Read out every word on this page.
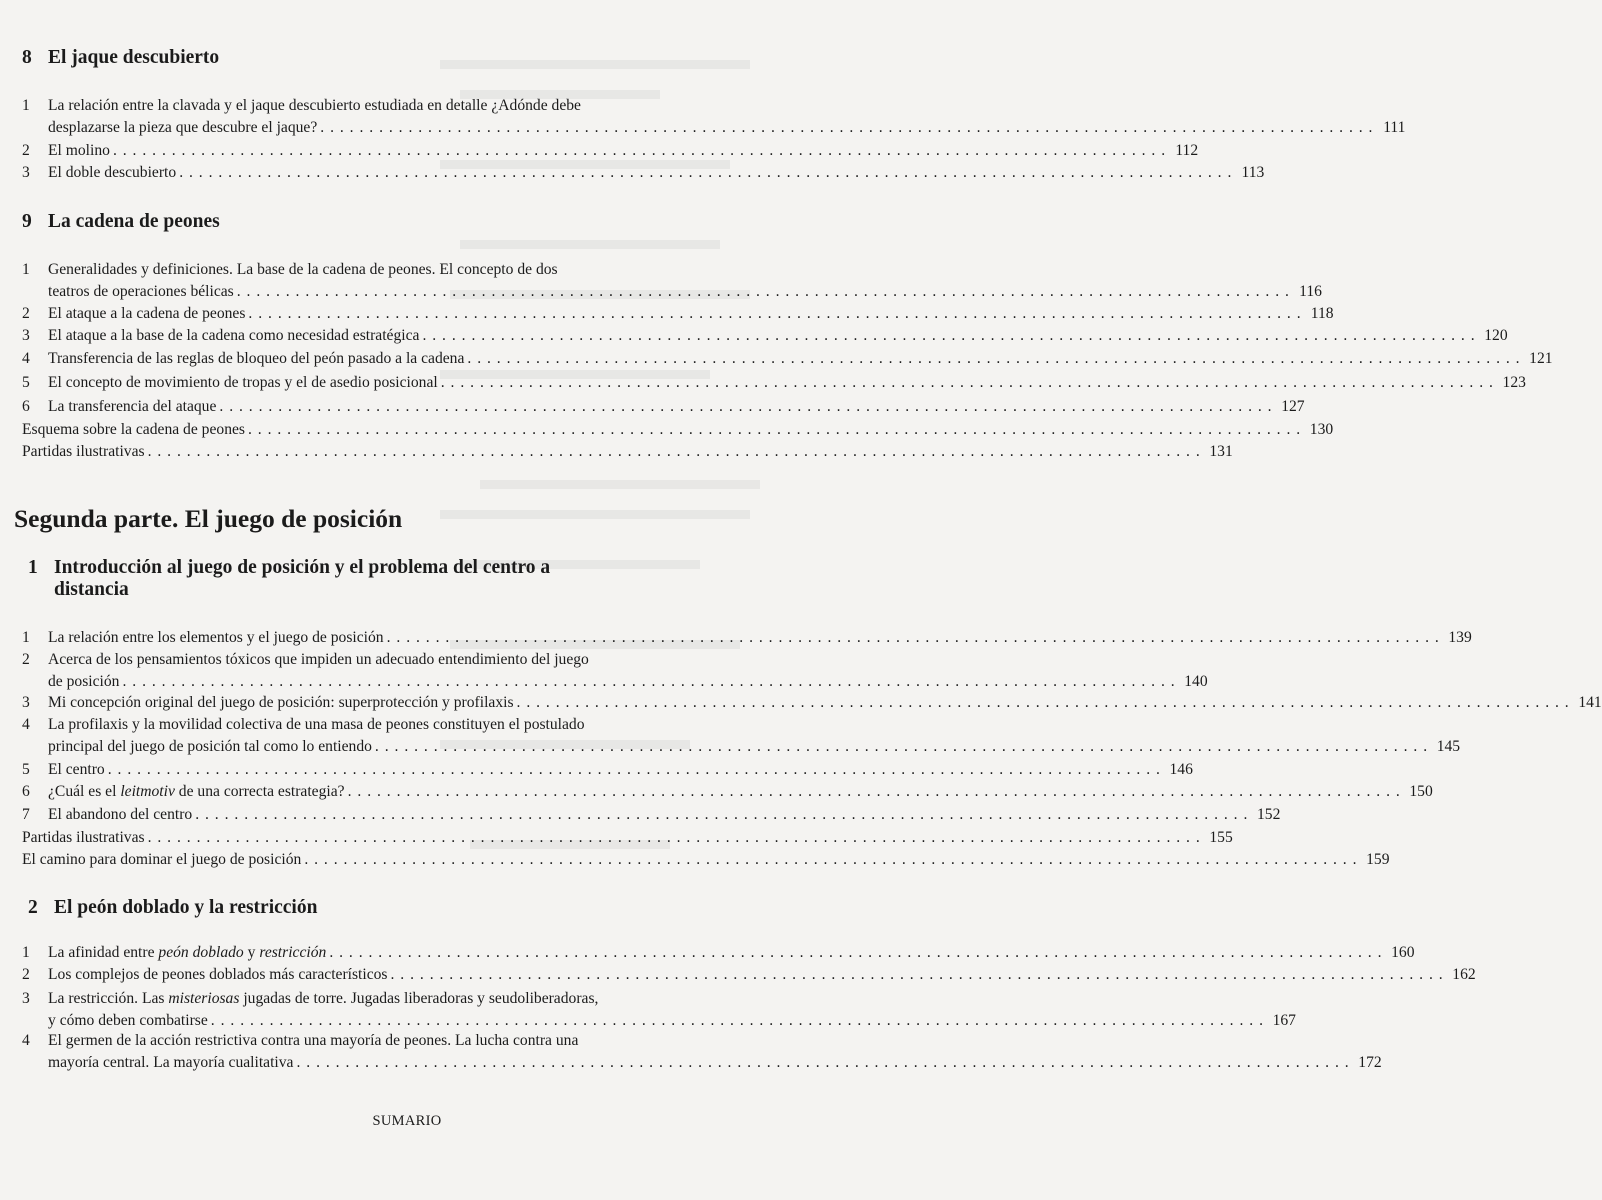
8 El jaque descubierto
1	La relación entre la clavada y el jaque descubierto estudiada en detalle ¿Adónde debe
desplazarse la pieza que descubre el jaque? . . . . . . . . . . . . . . . . . . . . . . . . . . . . . . . . . . . . . . . . . . . . . . . . . . . . . . . . . . . . . . . . . . . . . . . . . . . . . . . . . . . . . . . . . . . . . . . . . . . . . . . . . . . . 111
2	El molino . . . . . . . . . . . . . . . . . . . . . . . . . . . . . . . . . . . . . . . . . . . . . . . . . . . . . . . . . . . . . . . . . . . . . . . . . . . . . . . . . . . . . . . . . . . . . . . . . . . . . . . . . . . . 112
3	El doble descubierto . . . . . . . . . . . . . . . . . . . . . . . . . . . . . . . . . . . . . . . . . . . . . . . . . . . . . . . . . . . . . . . . . . . . . . . . . . . . . . . . . . . . . . . . . . . . . . . . . . . . . . . . . . . . 113
9 La cadena de peones
1	Generalidades y definiciones. La base de la cadena de peones. El concepto de dos
teatros de operaciones bélicas . . . . . . . . . . . . . . . . . . . . . . . . . . . . . . . . . . . . . . . . . . . . . . . . . . . . . . . . . . . . . . . . . . . . . . . . . . . . . . . . . . . . . . . . . . . . . . . . . . . . . . . . . . . . 116
2	El ataque a la cadena de peones . . . . . . . . . . . . . . . . . . . . . . . . . . . . . . . . . . . . . . . . . . . . . . . . . . . . . . . . . . . . . . . . . . . . . . . . . . . . . . . . . . . . . . . . . . . . . . . . . . . . . . . . . . . . 118
3	El ataque a la base de la cadena como necesidad estratégica . . . . . . . . . . . . . . . . . . . . . . . . . . . . . . . . . . . . . . . . . . . . . . . . . . . . . . . . . . . . . . . . . . . . . . . . . . . . . . . . . . . . . . . . . . . . . . . . . . . . . . . . . . . . 120
4	Transferencia de las reglas de bloqueo del peón pasado a la cadena . . . . . . . . . . . . . . . . . . . . . . . . . . . . . . . . . . . . . . . . . . . . . . . . . . . . . . . . . . . . . . . . . . . . . . . . . . . . . . . . . . . . . . . . . . . . . . . . . . . . . . . . . . . . 121
5	El concepto de movimiento de tropas y el de asedio posicional . . . . . . . . . . . . . . . . . . . . . . . . . . . . . . . . . . . . . . . . . . . . . . . . . . . . . . . . . . . . . . . . . . . . . . . . . . . . . . . . . . . . . . . . . . . . . . . . . . . . . . . . . . . . 123
6	La transferencia del ataque . . . . . . . . . . . . . . . . . . . . . . . . . . . . . . . . . . . . . . . . . . . . . . . . . . . . . . . . . . . . . . . . . . . . . . . . . . . . . . . . . . . . . . . . . . . . . . . . . . . . . . . . . . . . 127
Esquema sobre la cadena de peones . . . . . . . . . . . . . . . . . . . . . . . . . . . . . . . . . . . . . . . . . . . . . . . . . . . . . . . . . . . . . . . . . . . . . . . . . . . . . . . . . . . . . . . . . . . . . . . . . . . . . . . . . . . . 130
Partidas ilustrativas . . . . . . . . . . . . . . . . . . . . . . . . . . . . . . . . . . . . . . . . . . . . . . . . . . . . . . . . . . . . . . . . . . . . . . . . . . . . . . . . . . . . . . . . . . . . . . . . . . . . . . . . . . . . 131
Segunda parte. El juego de posición
1 Introducción al juego de posición y el problema del centro a
distancia
1	La relación entre los elementos y el juego de posición . . . . . . . . . . . . . . . . . . . . . . . . . . . . . . . . . . . . . . . . . . . . . . . . . . . . . . . . . . . . . . . . . . . . . . . . . . . . . . . . . . . . . . . . . . . . . . . . . . . . . . . . . . . . 139
2	Acerca de los pensamientos tóxicos que impiden un adecuado entendimiento del juego
de posición . . . . . . . . . . . . . . . . . . . . . . . . . . . . . . . . . . . . . . . . . . . . . . . . . . . . . . . . . . . . . . . . . . . . . . . . . . . . . . . . . . . . . . . . . . . . . . . . . . . . . . . . . . . . 140
3	Mi concepción original del juego de posición: superprotección y profilaxis . . . . . . . . . . . . . . . . . . . . . . . . . . . . . . . . . . . . . . . . . . . . . . . . . . . . . . . . . . . . . . . . . . . . . . . . . . . . . . . . . . . . . . . . . . . . . . . . . . . . . . . . . . . . 141
4	La profilaxis y la movilidad colectiva de una masa de peones constituyen el postulado
principal del juego de posición tal como lo entiendo . . . . . . . . . . . . . . . . . . . . . . . . . . . . . . . . . . . . . . . . . . . . . . . . . . . . . . . . . . . . . . . . . . . . . . . . . . . . . . . . . . . . . . . . . . . . . . . . . . . . . . . . . . . . 145
5	El centro . . . . . . . . . . . . . . . . . . . . . . . . . . . . . . . . . . . . . . . . . . . . . . . . . . . . . . . . . . . . . . . . . . . . . . . . . . . . . . . . . . . . . . . . . . . . . . . . . . . . . . . . . . . . 146
6	¿Cuál es el leitmotiv de una correcta estrategia? . . . . . . . . . . . . . . . . . . . . . . . . . . . . . . . . . . . . . . . . . . . . . . . . . . . . . . . . . . . . . . . . . . . . . . . . . . . . . . . . . . . . . . . . . . . . . . . . . . . . . . . . . . . . 150
7	El abandono del centro . . . . . . . . . . . . . . . . . . . . . . . . . . . . . . . . . . . . . . . . . . . . . . . . . . . . . . . . . . . . . . . . . . . . . . . . . . . . . . . . . . . . . . . . . . . . . . . . . . . . . . . . . . . . 152
Partidas ilustrativas . . . . . . . . . . . . . . . . . . . . . . . . . . . . . . . . . . . . . . . . . . . . . . . . . . . . . . . . . . . . . . . . . . . . . . . . . . . . . . . . . . . . . . . . . . . . . . . . . . . . . . . . . . . . 155
El camino para dominar el juego de posición . . . . . . . . . . . . . . . . . . . . . . . . . . . . . . . . . . . . . . . . . . . . . . . . . . . . . . . . . . . . . . . . . . . . . . . . . . . . . . . . . . . . . . . . . . . . . . . . . . . . . . . . . . . . 159
2 El peón doblado y la restricción
1	La afinidad entre peón doblado y restricción . . . . . . . . . . . . . . . . . . . . . . . . . . . . . . . . . . . . . . . . . . . . . . . . . . . . . . . . . . . . . . . . . . . . . . . . . . . . . . . . . . . . . . . . . . . . . . . . . . . . . . . . . . . . 160
2	Los complejos de peones doblados más característicos . . . . . . . . . . . . . . . . . . . . . . . . . . . . . . . . . . . . . . . . . . . . . . . . . . . . . . . . . . . . . . . . . . . . . . . . . . . . . . . . . . . . . . . . . . . . . . . . . . . . . . . . . . . . 162
3	La restricción. Las misteriosas jugadas de torre. Jugadas liberadoras y seudoliberadoras,
y cómo deben combatirse . . . . . . . . . . . . . . . . . . . . . . . . . . . . . . . . . . . . . . . . . . . . . . . . . . . . . . . . . . . . . . . . . . . . . . . . . . . . . . . . . . . . . . . . . . . . . . . . . . . . . . . . . . . . 167
4	El germen de la acción restrictiva contra una mayoría de peones. La lucha contra una
mayoría central. La mayoría cualitativa . . . . . . . . . . . . . . . . . . . . . . . . . . . . . . . . . . . . . . . . . . . . . . . . . . . . . . . . . . . . . . . . . . . . . . . . . . . . . . . . . . . . . . . . . . . . . . . . . . . . . . . . . . . . 172
SUMARIO
